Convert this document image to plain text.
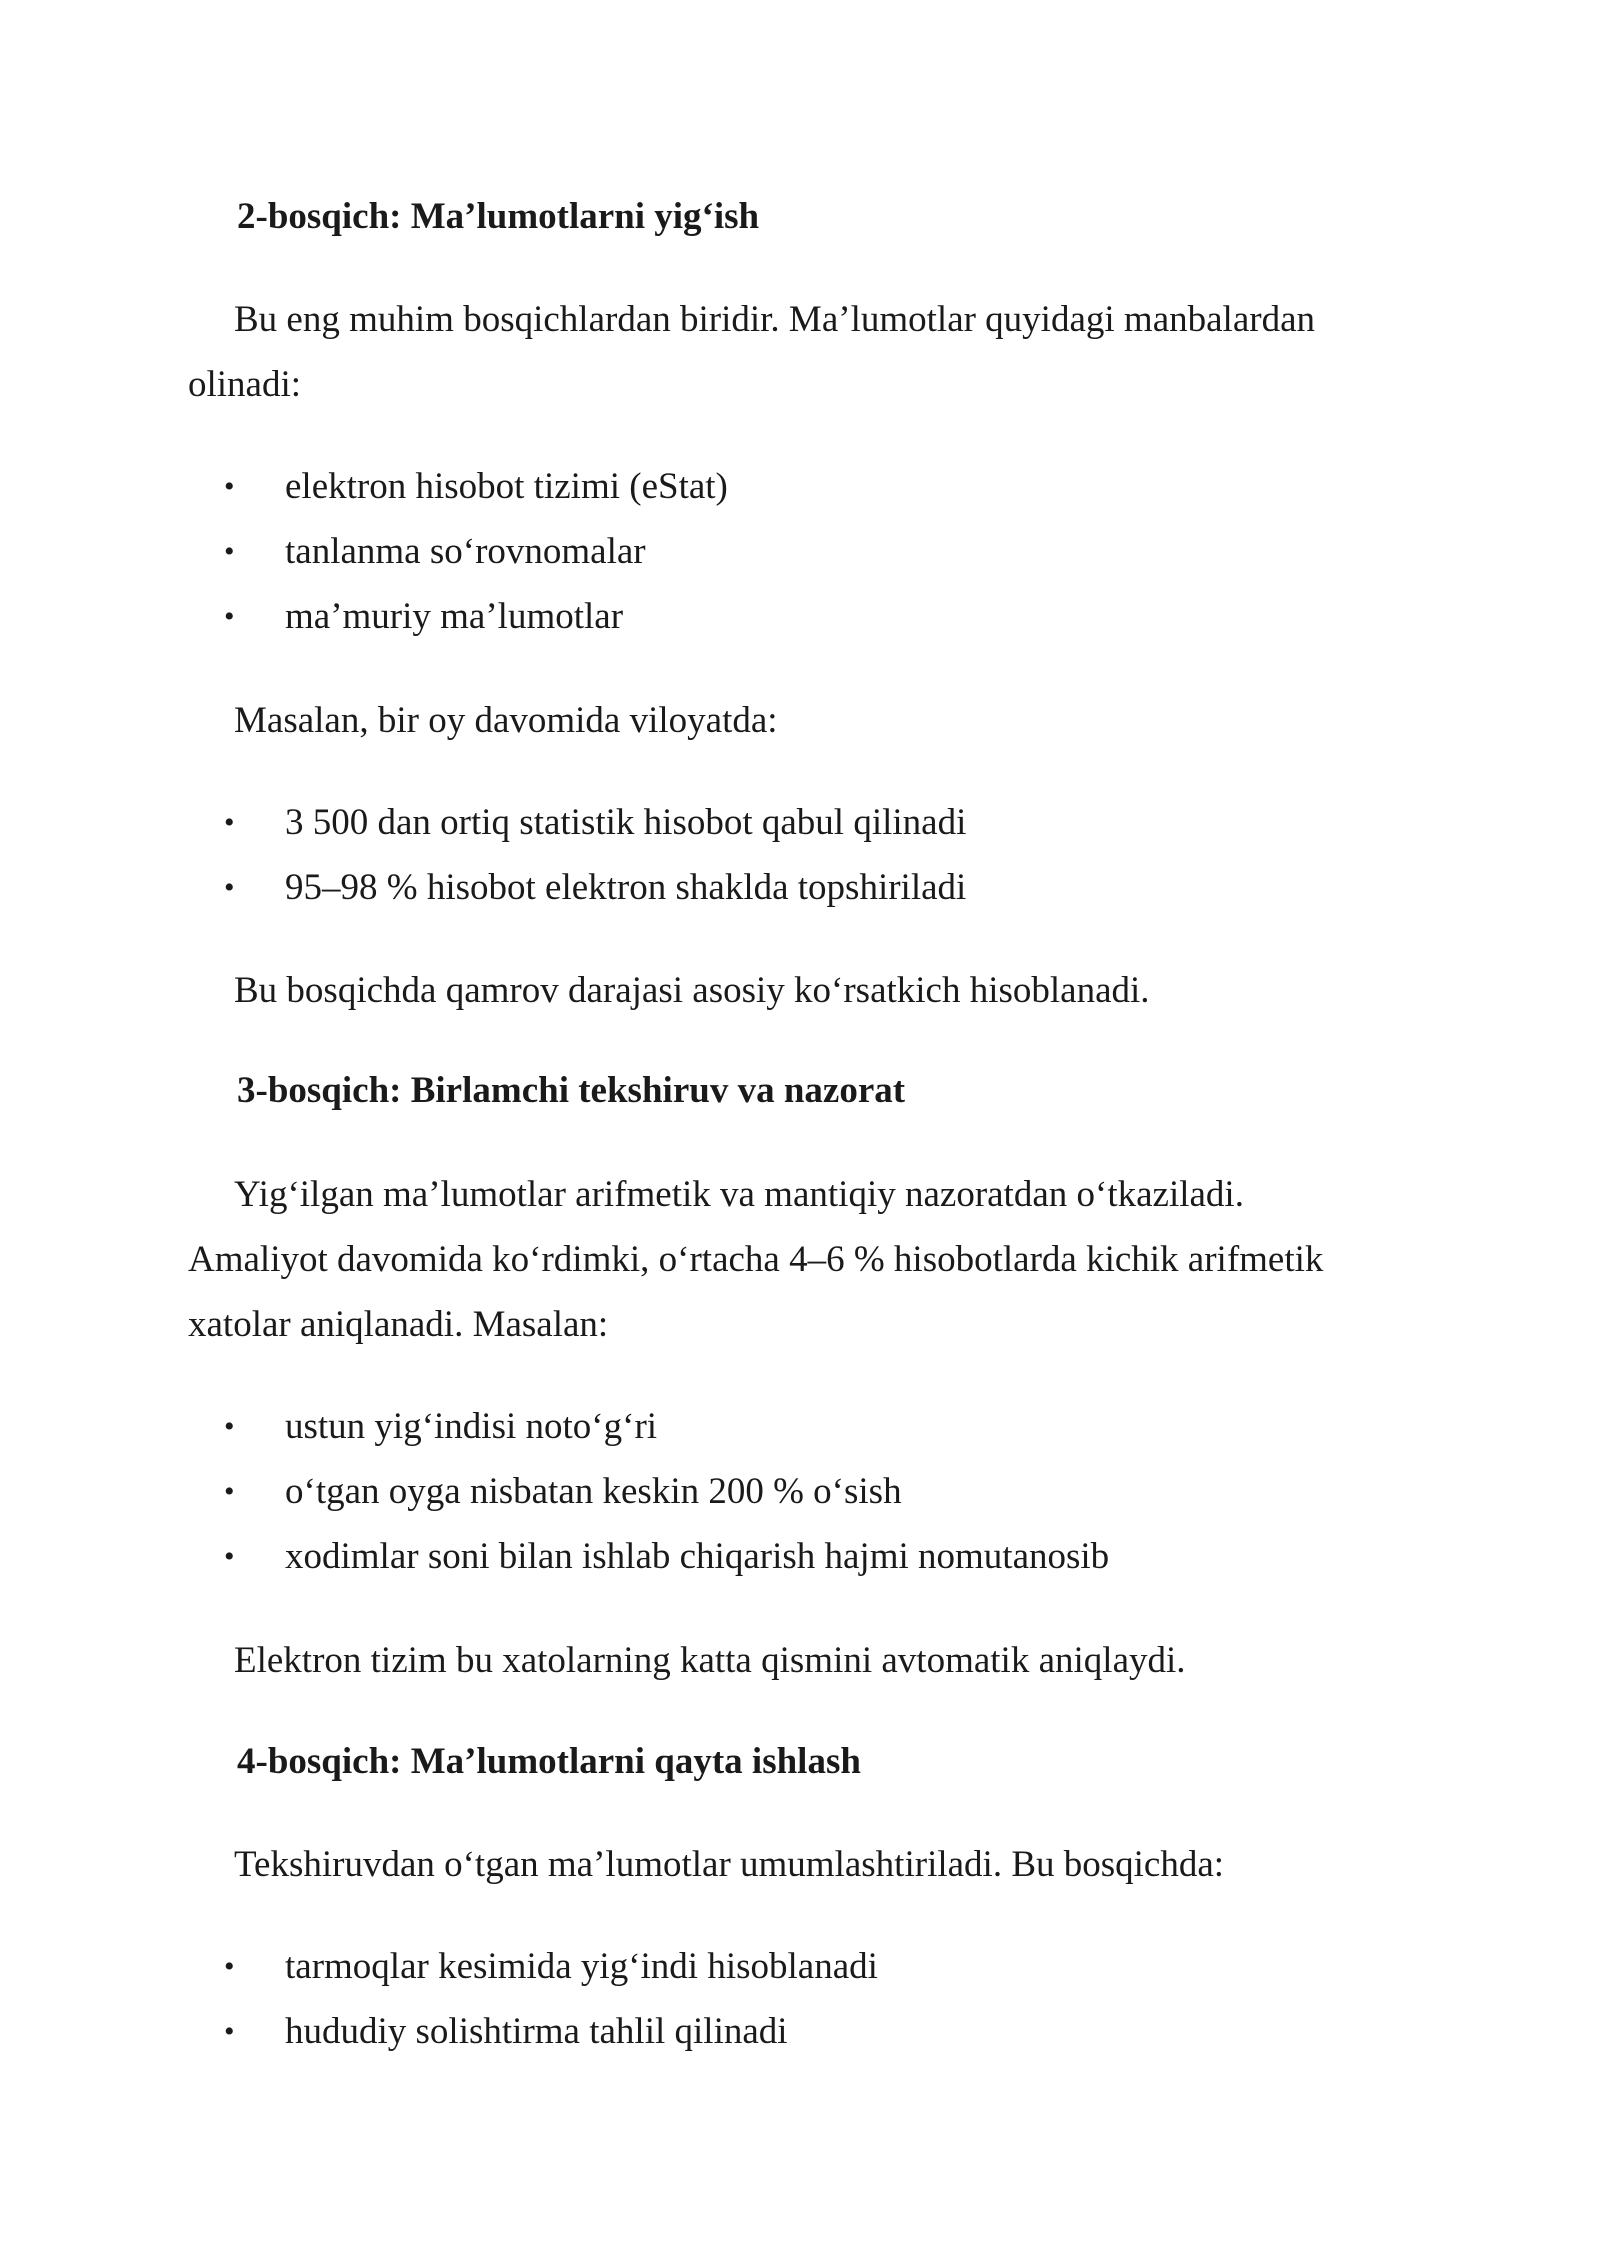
2-bosqich: Ma’lumotlarni yig‘ish

Bu eng muhim bosqichlardan biridir. Ma’lumotlar quyidagi manbalardan olinadi:

• elektron hisobot tizimi (eStat)
• tanlanma so‘rovnomalar
• ma’muriy ma’lumotlar

Masalan, bir oy davomida viloyatda:

• 3 500 dan ortiq statistik hisobot qabul qilinadi
• 95–98 % hisobot elektron shaklda topshiriladi

Bu bosqichda qamrov darajasi asosiy ko‘rsatkich hisoblanadi.

3-bosqich: Birlamchi tekshiruv va nazorat

Yig‘ilgan ma’lumotlar arifmetik va mantiqiy nazoratdan o‘tkaziladi. Amaliyot davomida ko‘rdimki, o‘rtacha 4–6 % hisobotlarda kichik arifmetik xatolar aniqlanadi. Masalan:

• ustun yig‘indisi noto‘g‘ri
• o‘tgan oyga nisbatan keskin 200 % o‘sish
• xodimlar soni bilan ishlab chiqarish hajmi nomutanosib

Elektron tizim bu xatolarning katta qismini avtomatik aniqlaydi.

4-bosqich: Ma’lumotlarni qayta ishlash

Tekshiruvdan o‘tgan ma’lumotlar umumlashtiriladi. Bu bosqichda:

• tarmoqlar kesimida yig‘indi hisoblanadi
• hududiy solishtirma tahlil qilinadi
